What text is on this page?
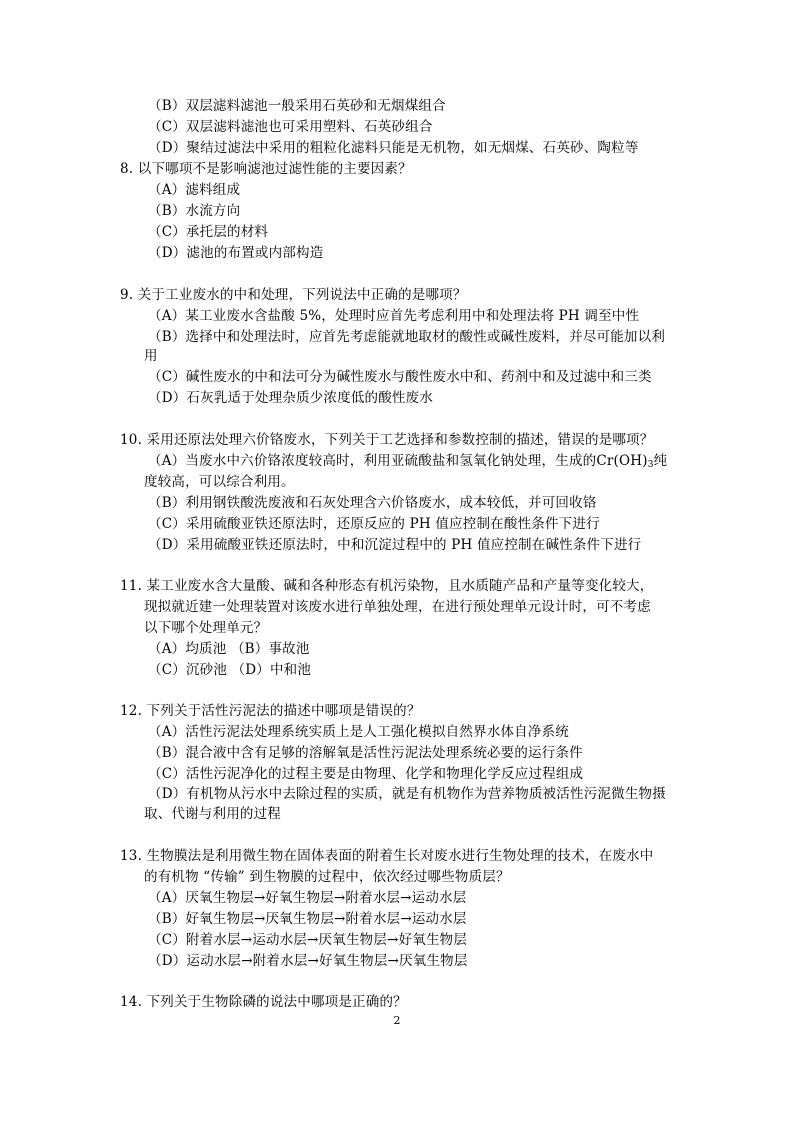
（B）双层滤料滤池一般采用石英砂和无烟煤组合
（C）双层滤料滤池也可采用塑料、石英砂组合
（D）聚结过滤法中采用的粗粒化滤料只能是无机物，如无烟煤、石英砂、陶粒等
8. 以下哪项不是影响滤池过滤性能的主要因素？
（A）滤料组成
（B）水流方向
（C）承托层的材料
（D）滤池的布置或内部构造
9. 关于工业废水的中和处理，下列说法中正确的是哪项？
（A）某工业废水含盐酸 5%，处理时应首先考虑利用中和处理法将 PH 调至中性
（B）选择中和处理法时，应首先考虑能就地取材的酸性或碱性废料，并尽可能加以利
用
（C）碱性废水的中和法可分为碱性废水与酸性废水中和、药剂中和及过滤中和三类
（D）石灰乳适于处理杂质少浓度低的酸性废水
10. 采用还原法处理六价铬废水，下列关于工艺选择和参数控制的描述，错误的是哪项？
（A）当废水中六价铬浓度较高时，利用亚硫酸盐和氢氧化钠处理，生成的$Cr(OH)_3$纯
度较高，可以综合利用。
（B）利用钢铁酸洗废液和石灰处理含六价铬废水，成本较低，并可回收铬
（C）采用硫酸亚铁还原法时，还原反应的 PH 值应控制在酸性条件下进行
（D）采用硫酸亚铁还原法时，中和沉淀过程中的 PH 值应控制在碱性条件下进行
11. 某工业废水含大量酸、碱和各种形态有机污染物，且水质随产品和产量等变化较大，
现拟就近建一处理装置对该废水进行单独处理，在进行预处理单元设计时，可不考虑
以下哪个处理单元？
（A）均质池 （B）事故池
（C）沉砂池 （D）中和池
12. 下列关于活性污泥法的描述中哪项是错误的？
（A）活性污泥法处理系统实质上是人工强化模拟自然界水体自净系统
（B）混合液中含有足够的溶解氧是活性污泥法处理系统必要的运行条件
（C）活性污泥净化的过程主要是由物理、化学和物理化学反应过程组成
（D）有机物从污水中去除过程的实质，就是有机物作为营养物质被活性污泥微生物摄
取、代谢与利用的过程
13. 生物膜法是利用微生物在固体表面的附着生长对废水进行生物处理的技术，在废水中
的有机物 “传输” 到生物膜的过程中，依次经过哪些物质层？
（A）厌氧生物层→好氧生物层→附着水层→运动水层
（B）好氧生物层→厌氧生物层→附着水层→运动水层
（C）附着水层→运动水层→厌氧生物层→好氧生物层
（D）运动水层→附着水层→好氧生物层→厌氧生物层
14. 下列关于生物除磷的说法中哪项是正确的？
2
